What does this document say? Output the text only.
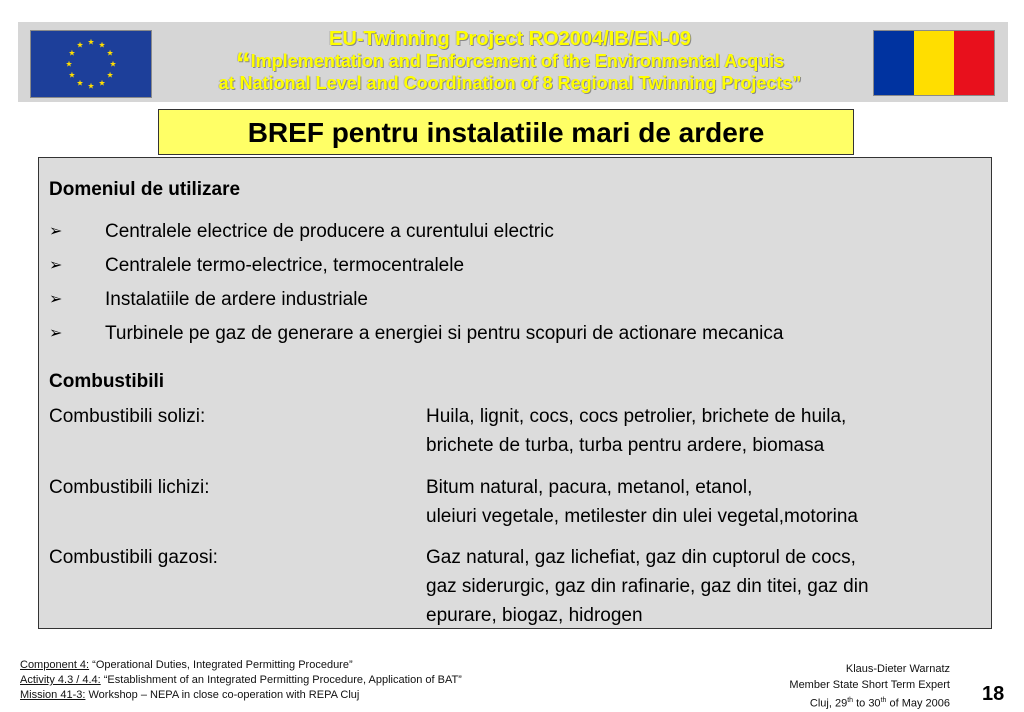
EU-Twinning Project RO2004/IB/EN-09
“Implementation and Enforcement of the Environmental Acquis
at National Level and Coordination of 8 Regional Twinning Projects”
BREF pentru instalatiile mari de ardere
Domeniul de utilizare
➢ Centralele electrice de producere a curentului electric
➢ Centralele termo-electrice, termocentralele
➢ Instalatiile de ardere industriale
➢ Turbinele pe gaz de generare a energiei si pentru scopuri de actionare mecanica
Combustibili
Combustibili solizi:	Huila, lignit, cocs, cocs petrolier, brichete de huila,
brichete de turba, turba pentru ardere, biomasa
Combustibili lichizi:	Bitum natural, pacura, metanol, etanol,
uleiuri vegetale, metilester din ulei vegetal,motorina
Combustibili gazosi:	Gaz natural, gaz lichefiat, gaz din cuptorul de cocs,
gaz siderurgic, gaz din rafinarie, gaz din titei, gaz din
epurare, biogaz, hidrogen
Component 4: “Operational Duties, Integrated Permitting Procedure”
Activity 4.3 / 4.4: “Establishment of an Integrated Permitting Procedure, Application of BAT”
Mission 41-3: Workshop – NEPA in close co-operation with REPA Cluj
Klaus-Dieter Warnatz
Member State Short Term Expert
Cluj, 29th to 30th of May 2006 18
